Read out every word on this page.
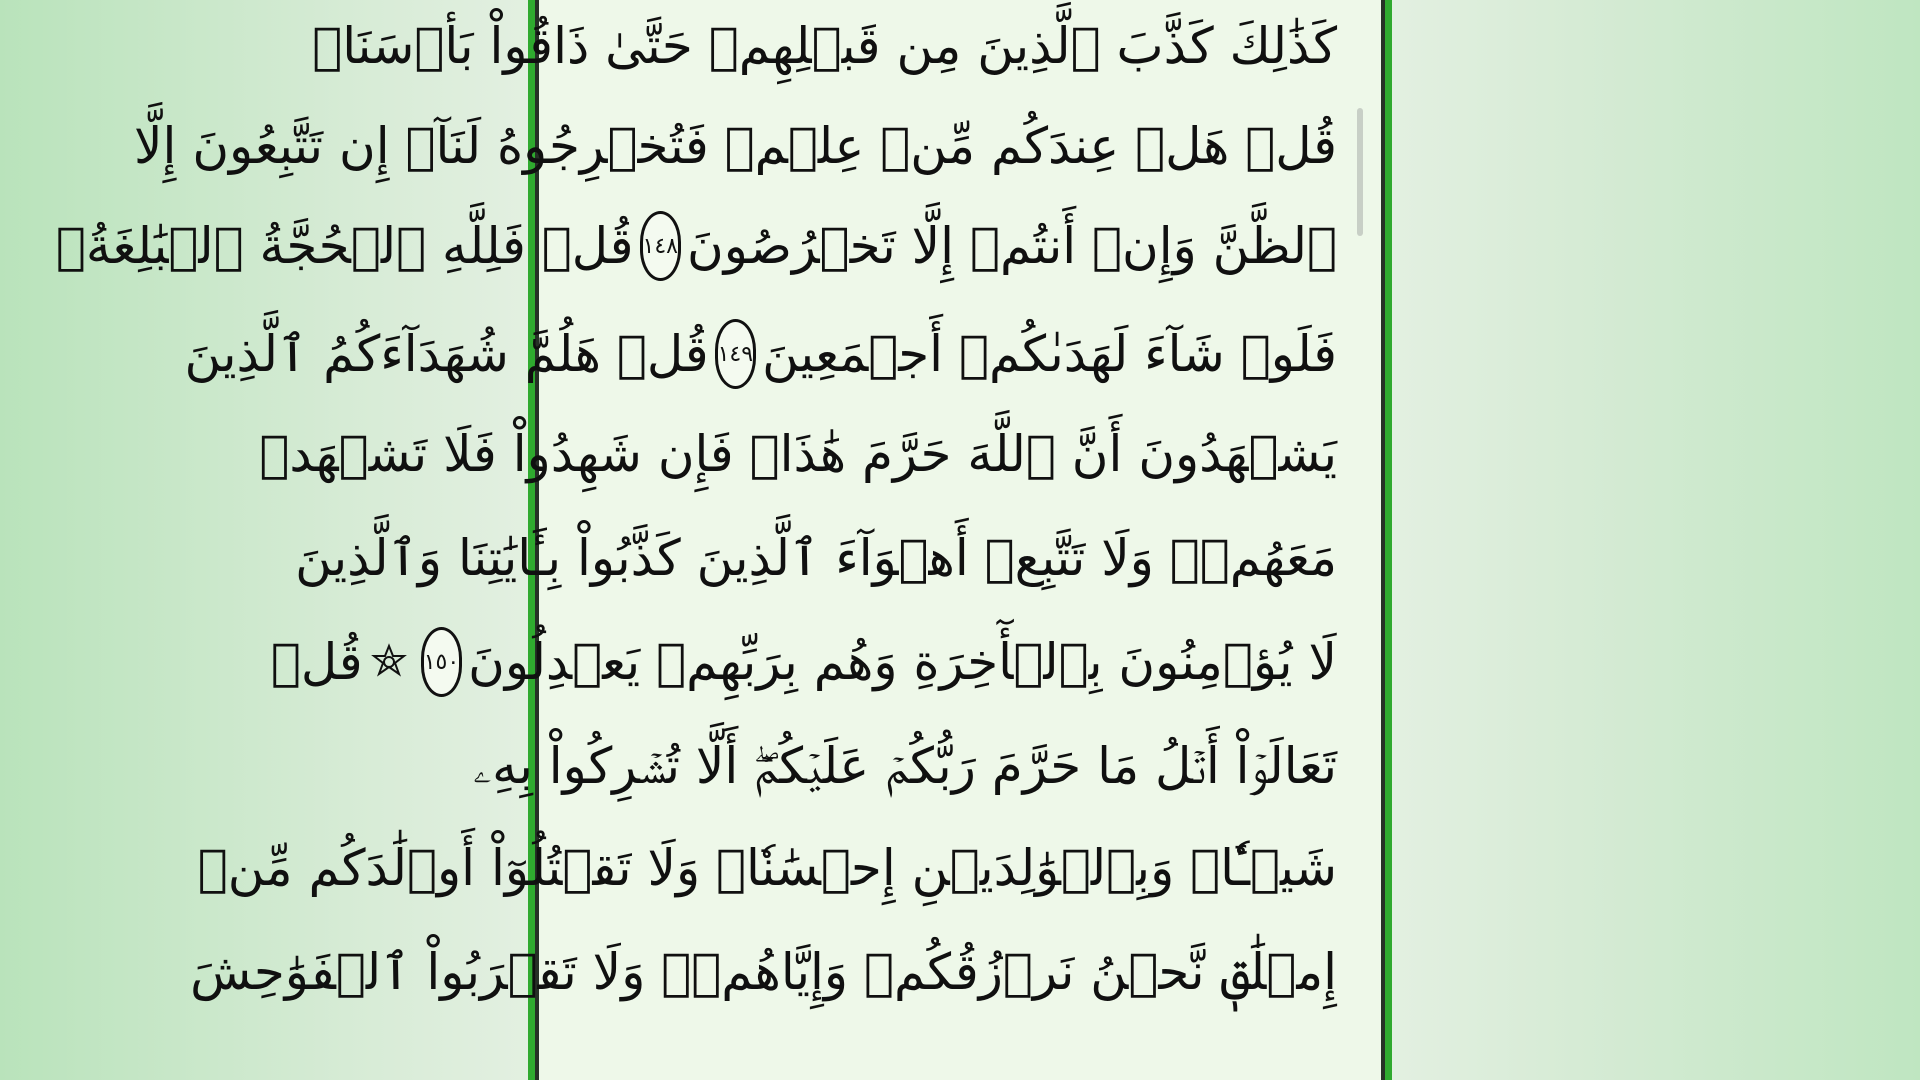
كَذَٰلِكَ كَذَّبَ ٱلَّذِينَ مِن قَبۡلِهِمۡ حَتَّىٰ ذَاقُواْ بَأۡسَنَاۗ
قُلۡ هَلۡ عِندَكُم مِّنۡ عِلۡمٖ فَتُخۡرِجُوهُ لَنَآۖ إِن تَتَّبِعُونَ إِلَّا
ٱلظَّنَّ وَإِنۡ أَنتُمۡ إِلَّا تَخۡرُصُونَ
١٤٨
قُلۡ فَلِلَّهِ ٱلۡحُجَّةُ ٱلۡبَٰلِغَةُۖ
فَلَوۡ شَآءَ لَهَدَىٰكُمۡ أَجۡمَعِينَ
١٤٩
قُلۡ هَلُمَّ شُهَدَآءَكُمُ ٱلَّذِينَ
يَشۡهَدُونَ أَنَّ ٱللَّهَ حَرَّمَ هَٰذَاۖ فَإِن شَهِدُواْ فَلَا تَشۡهَدۡ
مَعَهُمۡۚ وَلَا تَتَّبِعۡ أَهۡوَآءَ ٱلَّذِينَ كَذَّبُواْ بِـَٔايَٰتِنَا وَٱلَّذِينَ
لَا يُؤۡمِنُونَ بِٱلۡأٓخِرَةِ وَهُم بِرَبِّهِمۡ يَعۡدِلُونَ
١٥٠
قُلۡ
تَعَالَوۡاْ أَتۡلُ مَا حَرَّمَ رَبُّكُمۡ عَلَيۡكُمۡۖ أَلَّا تُشۡرِكُواْ بِهِۦ
شَيۡـٔٗاۖ وَبِٱلۡوَٰلِدَيۡنِ إِحۡسَٰنٗاۖ وَلَا تَقۡتُلُوٓاْ أَوۡلَٰدَكُم مِّنۡ
إِمۡلَٰقٖ نَّحۡنُ نَرۡزُقُكُمۡ وَإِيَّاهُمۡۖ وَلَا تَقۡرَبُواْ ٱلۡفَوَٰحِشَ
